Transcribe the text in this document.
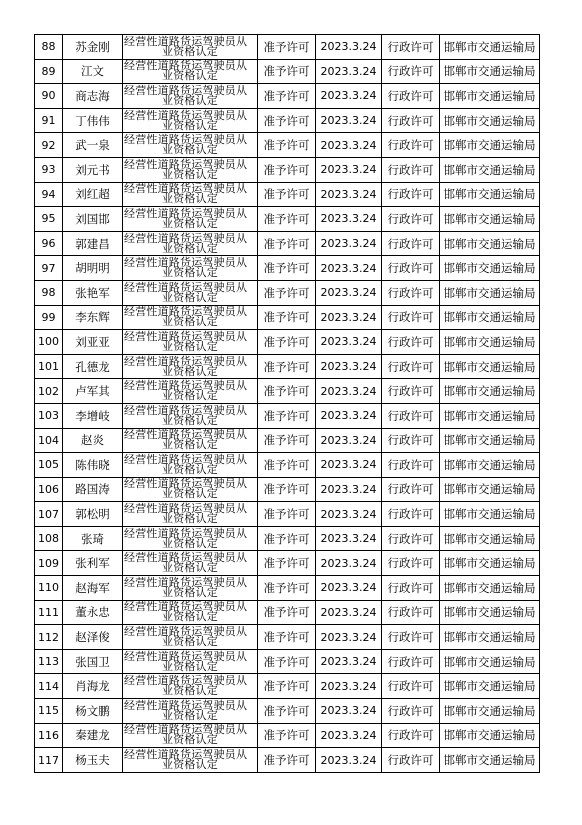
88	苏金刚	经营性道路货运驾驶员从
业资格认定	准予许可	2023.3.24	行政许可	邯郸市交通运输局
89	江文	经营性道路货运驾驶员从
业资格认定	准予许可	2023.3.24	行政许可	邯郸市交通运输局
90	商志海	经营性道路货运驾驶员从
业资格认定	准予许可	2023.3.24	行政许可	邯郸市交通运输局
91	丁伟伟	经营性道路货运驾驶员从
业资格认定	准予许可	2023.3.24	行政许可	邯郸市交通运输局
92	武一泉	经营性道路货运驾驶员从
业资格认定	准予许可	2023.3.24	行政许可	邯郸市交通运输局
93	刘元书	经营性道路货运驾驶员从
业资格认定	准予许可	2023.3.24	行政许可	邯郸市交通运输局
94	刘红超	经营性道路货运驾驶员从
业资格认定	准予许可	2023.3.24	行政许可	邯郸市交通运输局
95	刘国邯	经营性道路货运驾驶员从
业资格认定	准予许可	2023.3.24	行政许可	邯郸市交通运输局
96	郭建昌	经营性道路货运驾驶员从
业资格认定	准予许可	2023.3.24	行政许可	邯郸市交通运输局
97	胡明明	经营性道路货运驾驶员从
业资格认定	准予许可	2023.3.24	行政许可	邯郸市交通运输局
98	张艳军	经营性道路货运驾驶员从
业资格认定	准予许可	2023.3.24	行政许可	邯郸市交通运输局
99	李东辉	经营性道路货运驾驶员从
业资格认定	准予许可	2023.3.24	行政许可	邯郸市交通运输局
100	刘亚亚	经营性道路货运驾驶员从
业资格认定	准予许可	2023.3.24	行政许可	邯郸市交通运输局
101	孔德龙	经营性道路货运驾驶员从
业资格认定	准予许可	2023.3.24	行政许可	邯郸市交通运输局
102	卢军其	经营性道路货运驾驶员从
业资格认定	准予许可	2023.3.24	行政许可	邯郸市交通运输局
103	李增岐	经营性道路货运驾驶员从
业资格认定	准予许可	2023.3.24	行政许可	邯郸市交通运输局
104	赵炎	经营性道路货运驾驶员从
业资格认定	准予许可	2023.3.24	行政许可	邯郸市交通运输局
105	陈伟晓	经营性道路货运驾驶员从
业资格认定	准予许可	2023.3.24	行政许可	邯郸市交通运输局
106	路国涛	经营性道路货运驾驶员从
业资格认定	准予许可	2023.3.24	行政许可	邯郸市交通运输局
107	郭松明	经营性道路货运驾驶员从
业资格认定	准予许可	2023.3.24	行政许可	邯郸市交通运输局
108	张琦	经营性道路货运驾驶员从
业资格认定	准予许可	2023.3.24	行政许可	邯郸市交通运输局
109	张利军	经营性道路货运驾驶员从
业资格认定	准予许可	2023.3.24	行政许可	邯郸市交通运输局
110	赵海军	经营性道路货运驾驶员从
业资格认定	准予许可	2023.3.24	行政许可	邯郸市交通运输局
111	董永忠	经营性道路货运驾驶员从
业资格认定	准予许可	2023.3.24	行政许可	邯郸市交通运输局
112	赵泽俊	经营性道路货运驾驶员从
业资格认定	准予许可	2023.3.24	行政许可	邯郸市交通运输局
113	张国卫	经营性道路货运驾驶员从
业资格认定	准予许可	2023.3.24	行政许可	邯郸市交通运输局
114	肖海龙	经营性道路货运驾驶员从
业资格认定	准予许可	2023.3.24	行政许可	邯郸市交通运输局
115	杨文鹏	经营性道路货运驾驶员从
业资格认定	准予许可	2023.3.24	行政许可	邯郸市交通运输局
116	秦建龙	经营性道路货运驾驶员从
业资格认定	准予许可	2023.3.24	行政许可	邯郸市交通运输局
117	杨玉夫	经营性道路货运驾驶员从
业资格认定	准予许可	2023.3.24	行政许可	邯郸市交通运输局
